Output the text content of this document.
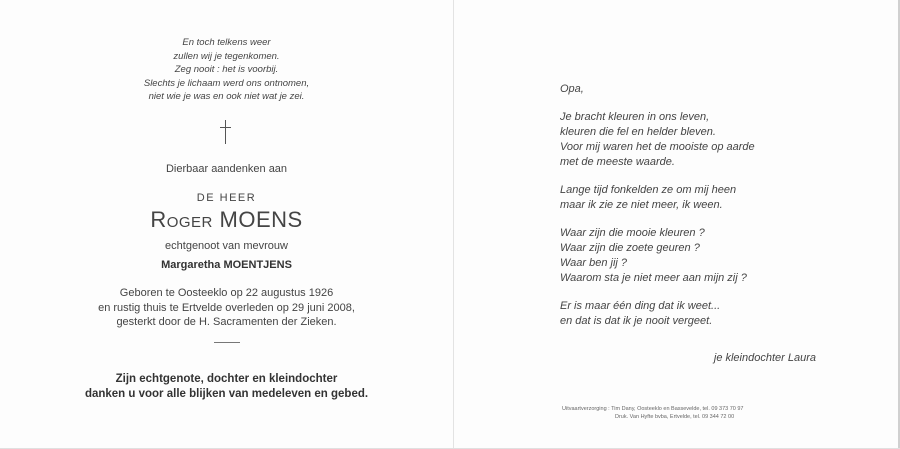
En toch telkens weer
zullen wij je tegenkomen.
Zeg nooit : het is voorbij.
Slechts je lichaam werd ons ontnomen,
niet wie je was en ook niet wat je zei.
Dierbaar aandenken aan
DE HEER
Roger MOENS
echtgenoot van mevrouw
Margaretha MOENTJENS
Geboren te Oosteeklo op 22 augustus 1926
en rustig thuis te Ertvelde overleden op 29 juni 2008,
gesterkt door de H. Sacramenten der Zieken.
Zijn echtgenote, dochter en kleindochter
danken u voor alle blijken van medeleven en gebed.
Opa,
Je bracht kleuren in ons leven,
kleuren die fel en helder bleven.
Voor mij waren het de mooiste op aarde
met de meeste waarde.
Lange tijd fonkelden ze om mij heen
maar ik zie ze niet meer, ik ween.
Waar zijn die mooie kleuren ?
Waar zijn die zoete geuren ?
Waar ben jij ?
Waarom sta je niet meer aan mijn zij ?
Er is maar één ding dat ik weet...
en dat is dat ik je nooit vergeet.
je kleindochter Laura
Uitvaartverzorging : Tim Dany, Oosteeklo en Bassevelde, tel. 09 373 70 97
Druk. Van Hyfte bvba, Ertvelde, tel. 09 344 72 00
